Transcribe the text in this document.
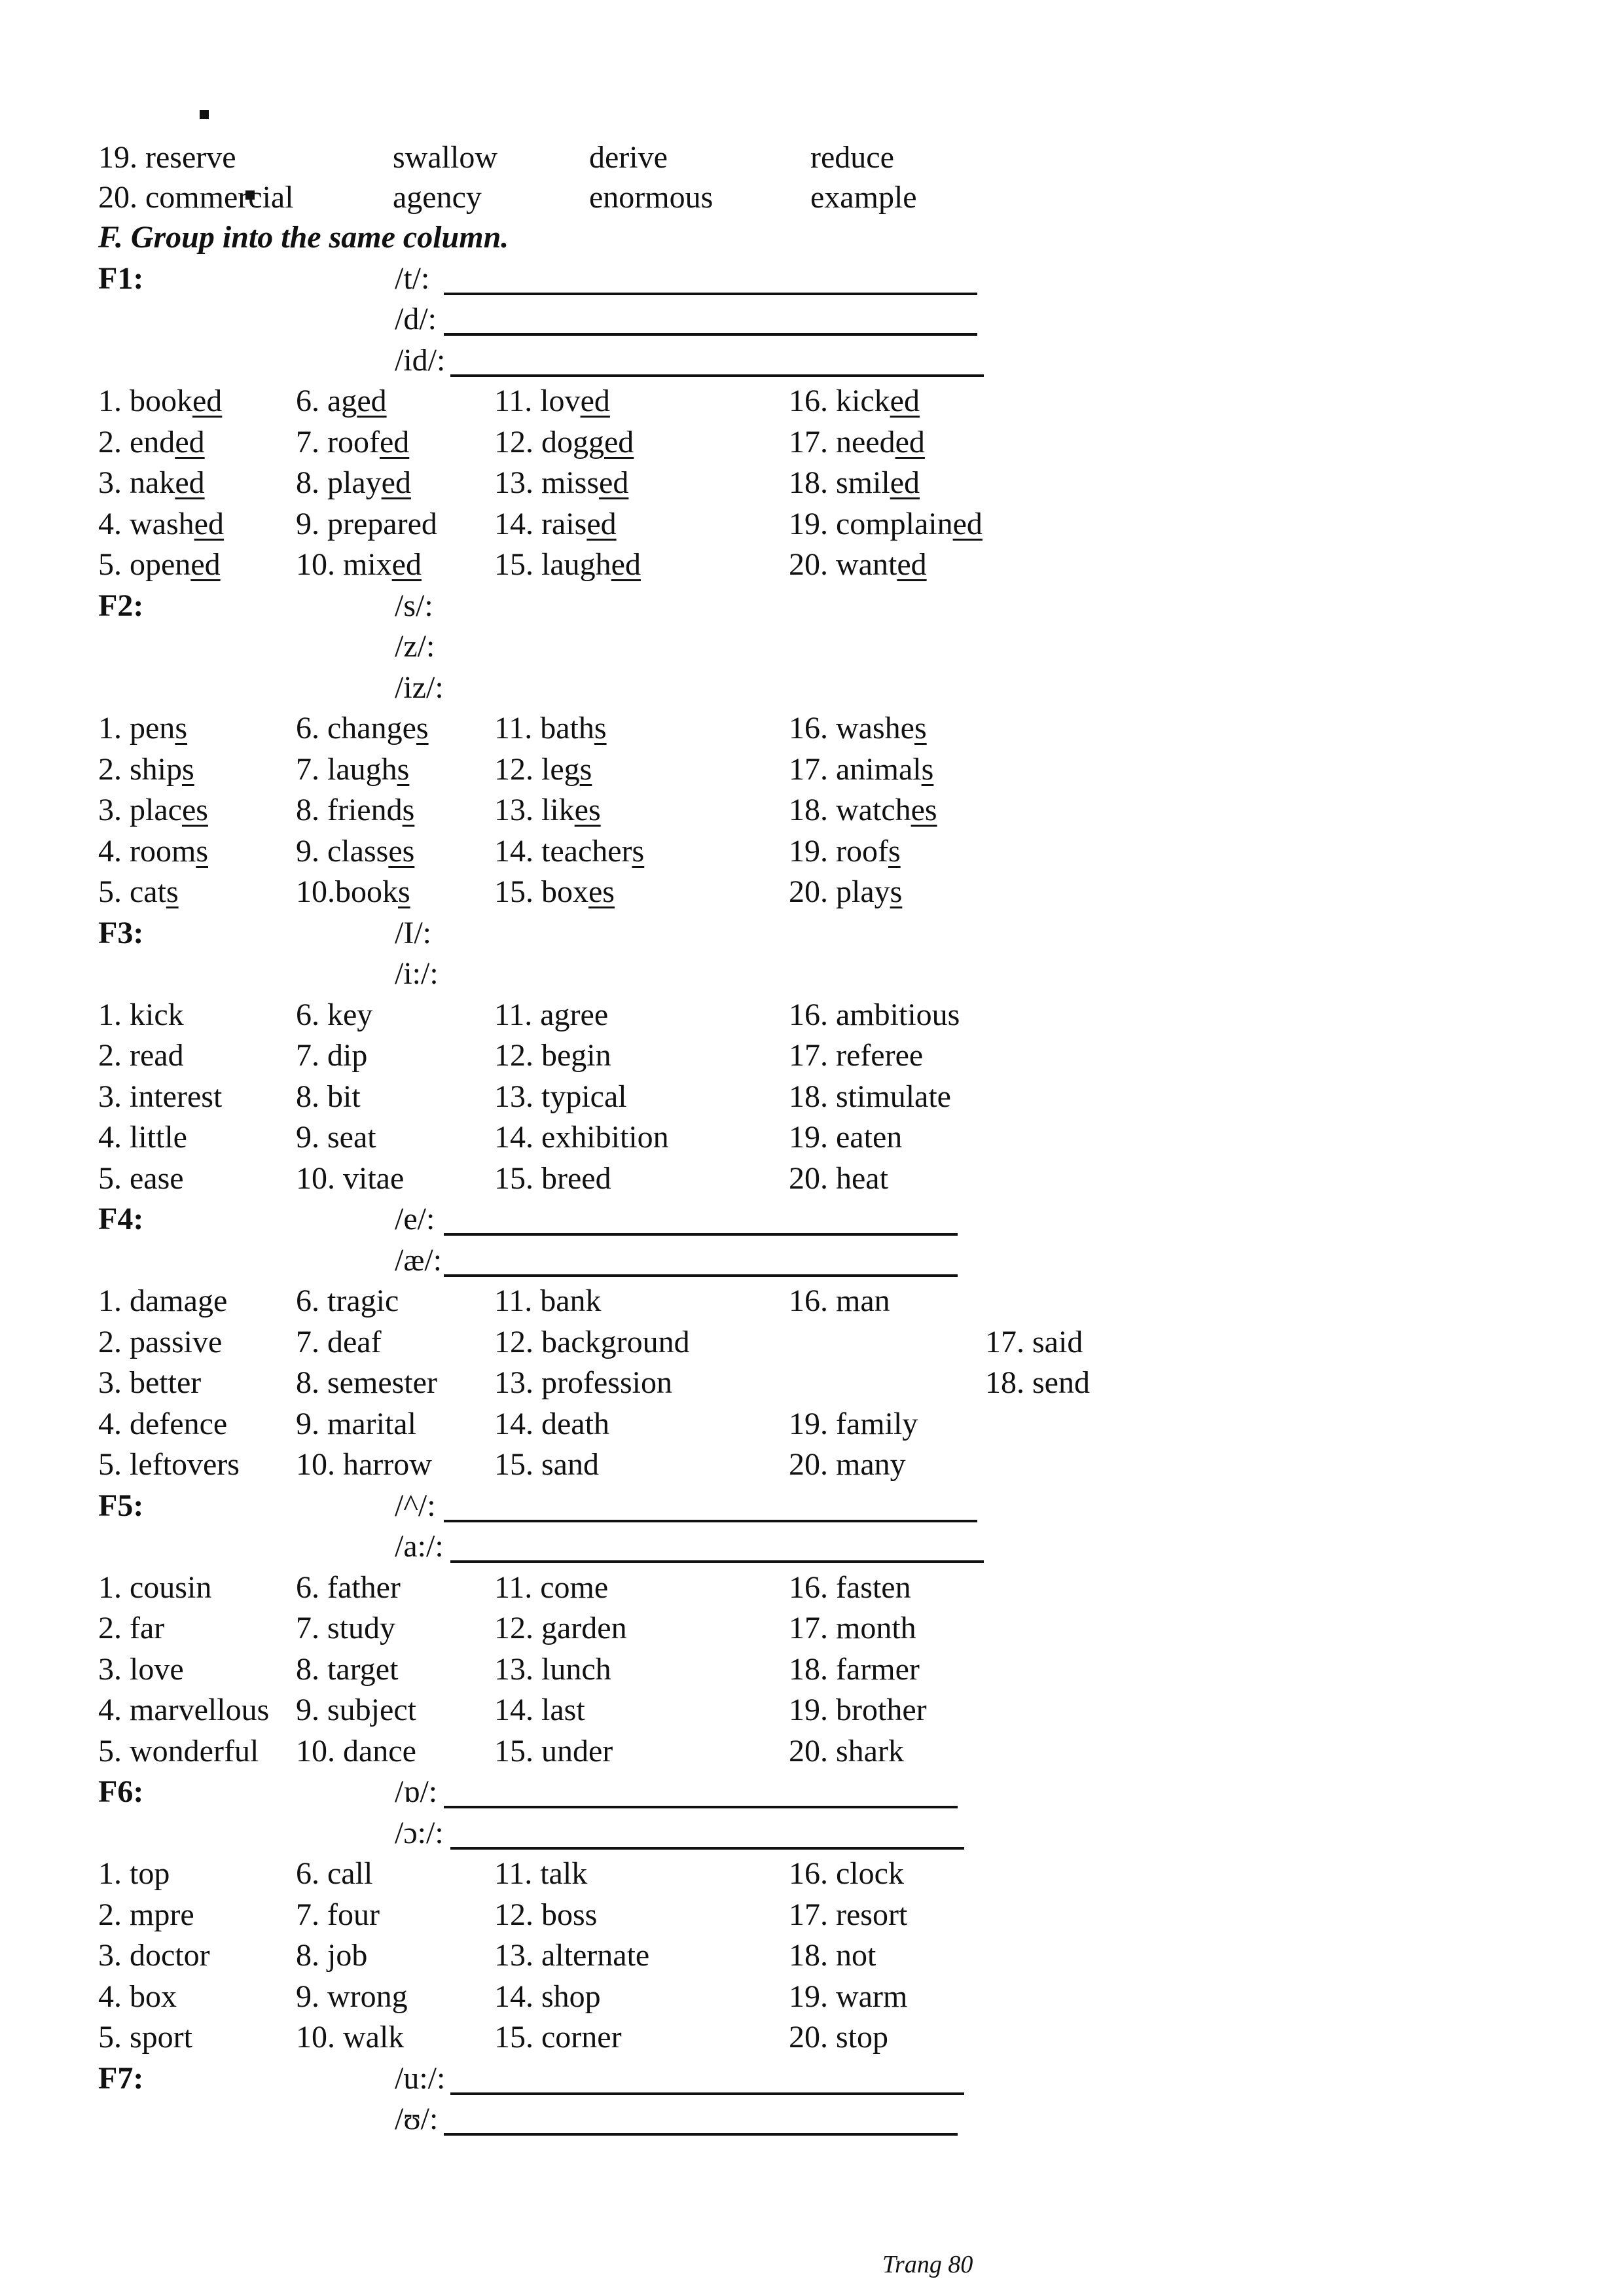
19. reserve	swallow	derive	reduce
20. commercial	agency	enormous	example
F. Group into the same column.
F1:	/t/:
/d/:
/id/:
1. booked 6. aged	11. loved	16. kicked
2. ended	7. roofed	12. dogged	17. needed
3. naked	8. played	13. missed	18. smiled
4. washed 9. prepared 14. raised	19. complained
5. opened 10. mixed 15. laughed	20. wanted
F2:	/s/:
/z/:
/iz/:
1. pens	6. changes 11. baths	16. washes
2. ships	7. laughs	12. legs	17. animals
3. places	8. friends	13. likes	18. watches
4. rooms	9. classes	14. teachers	19. roofs
5. cats	10.books	15. boxes	20. plays
F3:	/I/:
/i:/:
1. kick	6. key	11. agree	16. ambitious
2. read	7. dip	12. begin	17. referee
3. interest 8. bit	13. typical	18. stimulate
4. little	9. seat	14. exhibition	19. eaten
5. ease	10. vitae	15. breed	20. heat
F4:	/e/:
/æ/:
1. damage 6. tragic	11. bank	16. man
2. passive 7. deaf	12. background	17. said
3. better	8. semester 13. profession	18. send
4. defence 9. marital 14. death	19. family
5. leftovers 10. harrow 15. sand	20. many
F5:	/^/:
/a:/:
1. cousin	6. father	11. come	16. fasten
2. far	7. study	12. garden	17. month
3. love	8. target	13. lunch	18. farmer
4. marvellous 9. subject 14. last	19. brother
5. wonderful 10. dance 15. under	20. shark
F6:	/ɒ/:
/ɔ:/:
1. top	6. call	11. talk	16. clock
2. mpre	7. four	12. boss	17. resort
3. doctor	8. job	13. alternate	18. not
4. box	9. wrong	14. shop	19. warm
5. sport	10. walk	15. corner	20. stop
F7:	/u:/:
/ʊ/:
Trang 80
